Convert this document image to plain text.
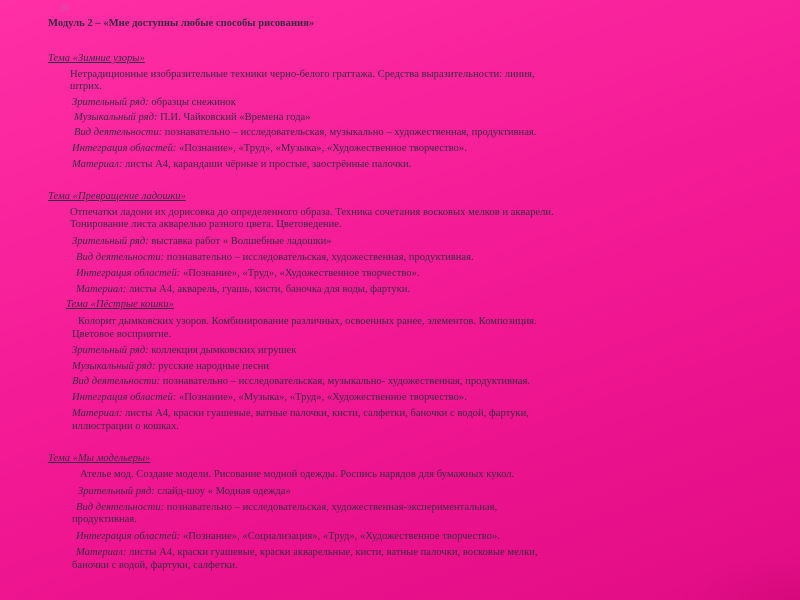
20
Модуль 2 – «Мне доступны любые способы рисования»
Тема «Зимние узоры»
Нетрадиционные изобразительные техники черно-белого граттажа. Средства выразительности: линия,
штрих.
Зрительный ряд: образцы снежинок
Музыкальный ряд: П.И. Чайковский «Времена года»
Вид деятельности: познавательно – исследовательская, музыкально – художественная, продуктивная.
Интеграция областей: «Познание», «Труд», «Музыка», «Художественное творчество».
Материал: листы А4, карандаши чёрные и простые, заострённые палочки.
Тема «Превращение ладошки»
Отпечатки ладони их дорисовка до определенного образа. Техника сочетания восковых мелков и акварели.
Тонирование листа акварелью разного цвета. Цветоведение.
Зрительный ряд: выставка работ « Волшебные ладошки»
Вид деятельности: познавательно – исследовательская, художественная, продуктивная.
Интеграция областей: «Познание», «Труд», «Художественное творчество».
Материал: листы А4, акварель, гуашь, кисти, баночка для воды, фартуки.
Тема «Пёстрые кошки»
Колорит дымковских узоров. Комбинирование различных, освоенных ранее, элементов. Композиция.
Цветовое восприятие.
Зрительный ряд: коллекция дымковских игрушек
Музыкальный ряд: русские народные песни
Вид деятельности: познавательно – исследовательская, музыкально- художественная, продуктивная.
Интеграция областей: «Познание», «Музыка», «Труд», «Художественное творчество».
Материал: листы А4, краски гуашевые, ватные палочки, кисти, салфетки, баночки с водой, фартуки,
иллюстрации о кошках.
Тема «Мы модельеры»
Ателье мод. Создаие модели. Рисование модной одежды. Роспись нарядов для бумажных кукол.
Зрительный ряд: слайд-шоу « Модная одежда»
Вид деятельности: познавательно – исследовательская, художественная-экспериментальная,
продуктивная.
Интеграция областей: «Познание», «Социализация», «Труд», «Художественное творчество».
Материал: листы А4, краски гуашевые, краски акварельные, кисти, ватные палочки, восковые мелки,
баночки с водой, фартуки, салфетки.
